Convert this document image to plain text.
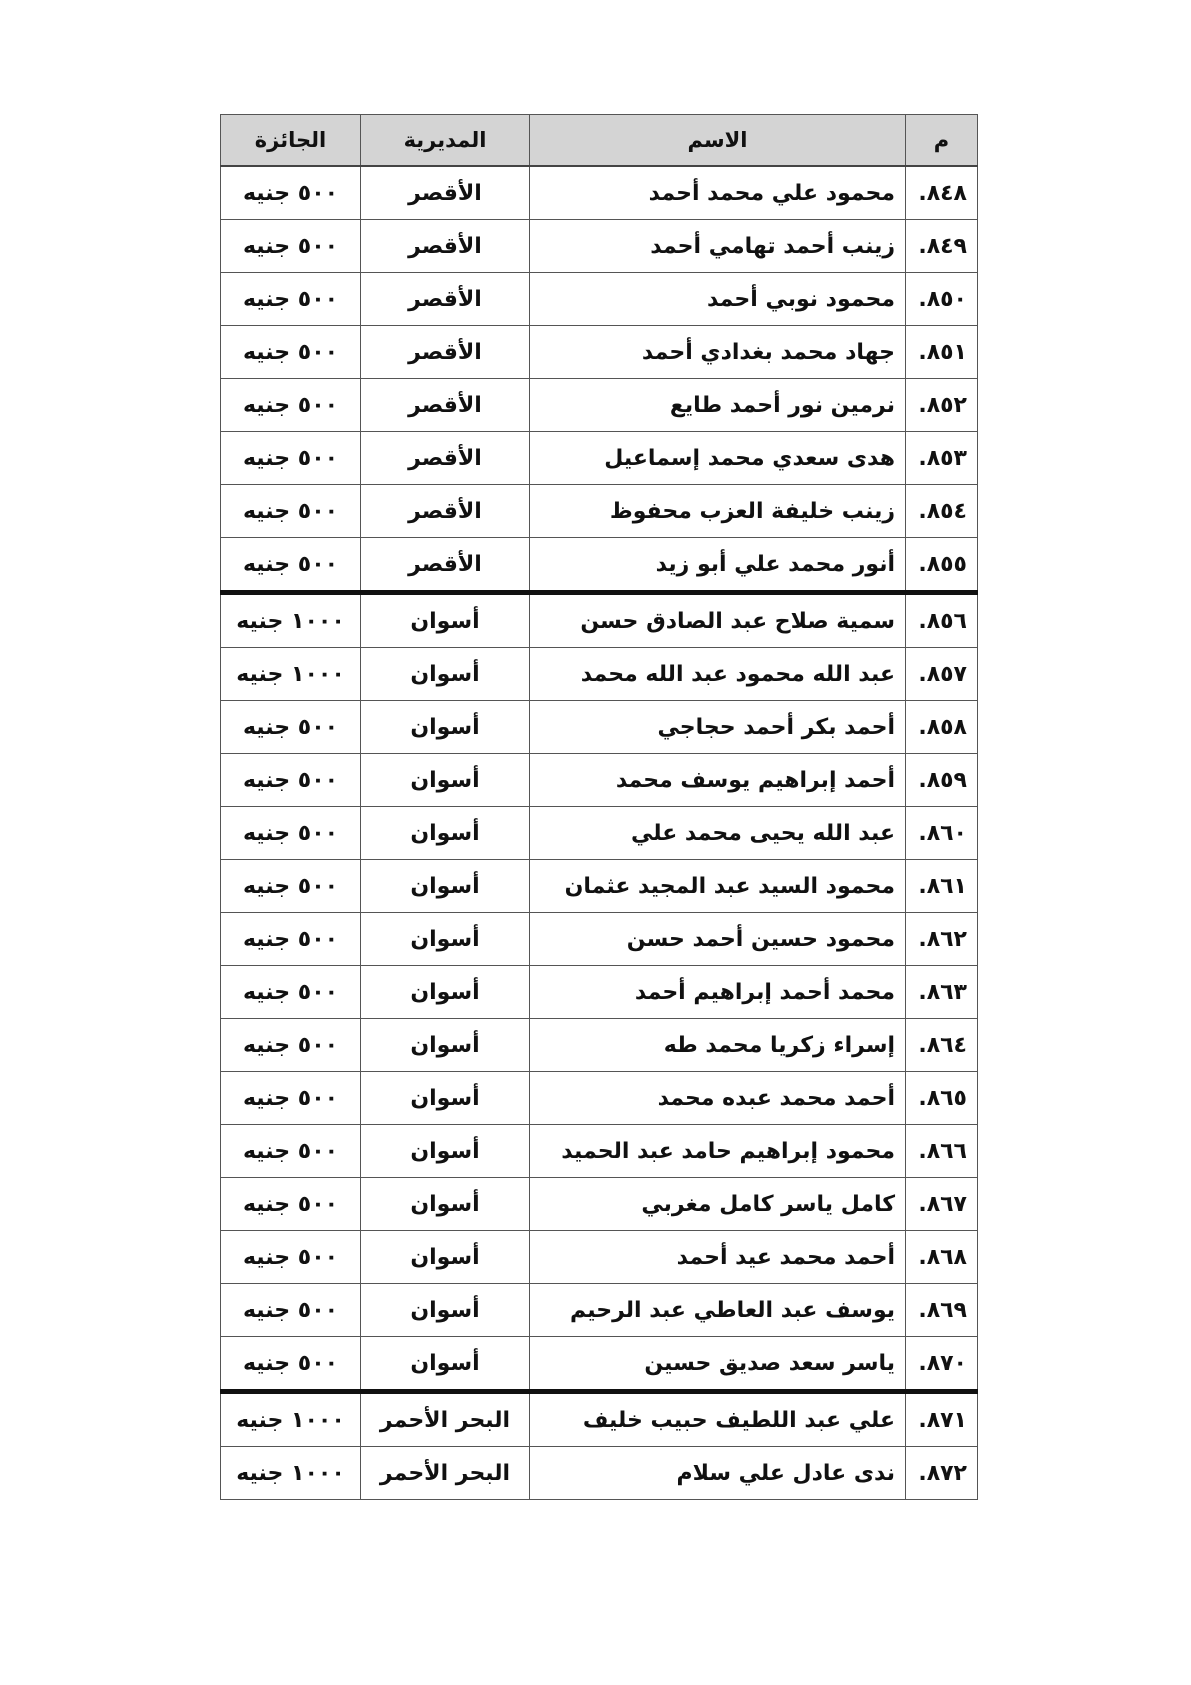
م	الاسم	المديرية	الجائزة
٨٤٨.	محمود علي محمد أحمد	الأقصر	٥٠٠ جنيه
٨٤٩.	زينب أحمد تهامي أحمد	الأقصر	٥٠٠ جنيه
٨٥٠.	محمود نوبي أحمد	الأقصر	٥٠٠ جنيه
٨٥١.	جهاد محمد بغدادي أحمد	الأقصر	٥٠٠ جنيه
٨٥٢.	نرمين نور أحمد طايع	الأقصر	٥٠٠ جنيه
٨٥٣.	هدى سعدي محمد إسماعيل	الأقصر	٥٠٠ جنيه
٨٥٤.	زينب خليفة العزب محفوظ	الأقصر	٥٠٠ جنيه
٨٥٥.	أنور محمد علي أبو زيد	الأقصر	٥٠٠ جنيه
٨٥٦.	سمية صلاح عبد الصادق حسن	أسوان	١٠٠٠ جنيه
٨٥٧.	عبد الله محمود عبد الله محمد	أسوان	١٠٠٠ جنيه
٨٥٨.	أحمد بكر أحمد حجاجي	أسوان	٥٠٠ جنيه
٨٥٩.	أحمد إبراهيم يوسف محمد	أسوان	٥٠٠ جنيه
٨٦٠.	عبد الله يحيى محمد علي	أسوان	٥٠٠ جنيه
٨٦١.	محمود السيد عبد المجيد عثمان	أسوان	٥٠٠ جنيه
٨٦٢.	محمود حسين أحمد حسن	أسوان	٥٠٠ جنيه
٨٦٣.	محمد أحمد إبراهيم أحمد	أسوان	٥٠٠ جنيه
٨٦٤.	إسراء زكريا محمد طه	أسوان	٥٠٠ جنيه
٨٦٥.	أحمد محمد عبده محمد	أسوان	٥٠٠ جنيه
٨٦٦.	محمود إبراهيم حامد عبد الحميد	أسوان	٥٠٠ جنيه
٨٦٧.	كامل ياسر كامل مغربي	أسوان	٥٠٠ جنيه
٨٦٨.	أحمد محمد عيد أحمد	أسوان	٥٠٠ جنيه
٨٦٩.	يوسف عبد العاطي عبد الرحيم	أسوان	٥٠٠ جنيه
٨٧٠.	ياسر سعد صديق حسين	أسوان	٥٠٠ جنيه
٨٧١.	علي عبد اللطيف حبيب خليف	البحر الأحمر	١٠٠٠ جنيه
٨٧٢.	ندى عادل علي سلام	البحر الأحمر	١٠٠٠ جنيه
